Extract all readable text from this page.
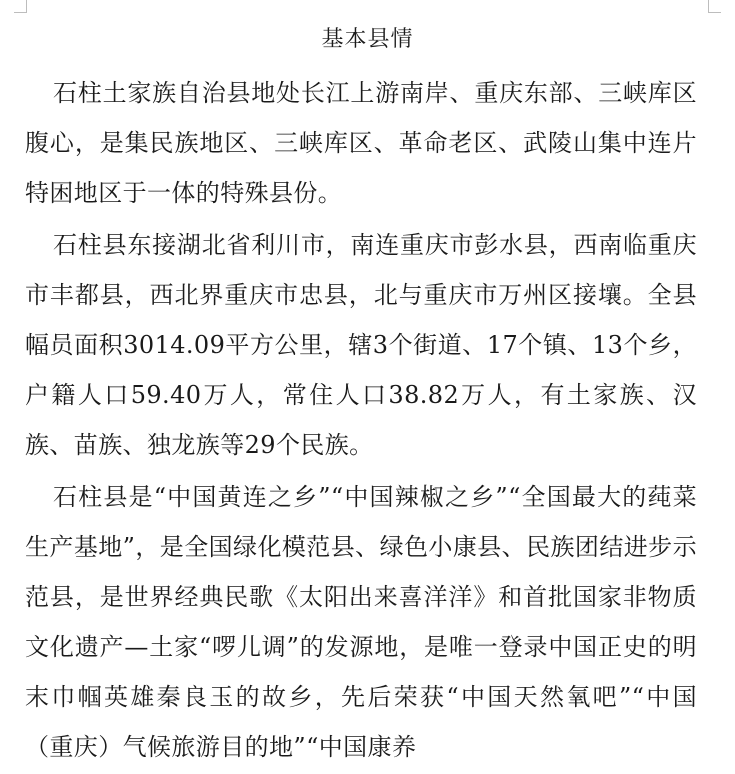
基本县情

石柱土家族自治县地处长江上游南岸、重庆东部、三峡库区腹心，是集民族地区、三峡库区、革命老区、武陵山集中连片特困地区于一体的特殊县份。

石柱县东接湖北省利川市，南连重庆市彭水县，西南临重庆市丰都县，西北界重庆市忠县，北与重庆市万州区接壤。全县幅员面积3014.09平方公里，辖3个街道、17个镇、13个乡，户籍人口59.40万人，常住人口38.82万人，有土家族、汉族、苗族、独龙族等29个民族。

石柱县是“中国黄连之乡”“中国辣椒之乡”“全国最大的莼菜生产基地”，是全国绿化模范县、绿色小康县、民族团结进步示范县，是世界经典民歌《太阳出来喜洋洋》和首批国家非物质文化遗产—土家“啰儿调”的发源地，是唯一登录中国正史的明末巾帼英雄秦良玉的故乡，先后荣获“中国天然氧吧”“中国（重庆）气候旅游目的地”“中国康养
